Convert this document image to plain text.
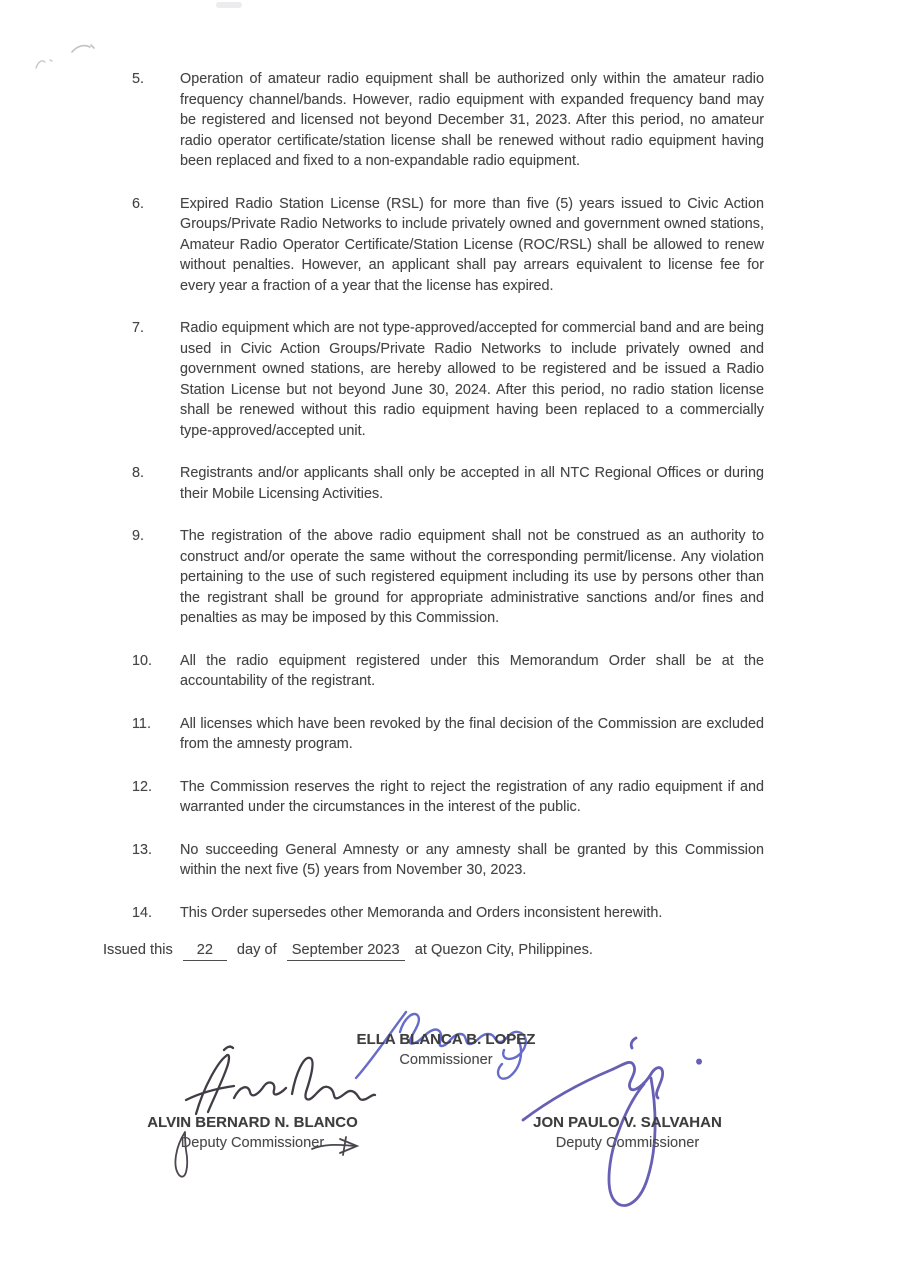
5.	Operation of amateur radio equipment shall be authorized only within the amateur radio frequency channel/bands. However, radio equipment with expanded frequency band may be registered and licensed not beyond December 31, 2023. After this period, no amateur radio operator certificate/station license shall be renewed without radio equipment having been replaced and fixed to a non-expandable radio equipment.
6.	Expired Radio Station License (RSL) for more than five (5) years issued to Civic Action Groups/Private Radio Networks to include privately owned and government owned stations, Amateur Radio Operator Certificate/Station License (ROC/RSL) shall be allowed to renew without penalties. However, an applicant shall pay arrears equivalent to license fee for every year a fraction of a year that the license has expired.
7.	Radio equipment which are not type-approved/accepted for commercial band and are being used in Civic Action Groups/Private Radio Networks to include privately owned and government owned stations, are hereby allowed to be registered and be issued a Radio Station License but not beyond June 30, 2024. After this period, no radio station license shall be renewed without this radio equipment having been replaced to a commercially type-approved/accepted unit.
8.	Registrants and/or applicants shall only be accepted in all NTC Regional Offices or during their Mobile Licensing Activities.
9.	The registration of the above radio equipment shall not be construed as an authority to construct and/or operate the same without the corresponding permit/license. Any violation pertaining to the use of such registered equipment including its use by persons other than the registrant shall be ground for appropriate administrative sanctions and/or fines and penalties as may be imposed by this Commission.
10.	All the radio equipment registered under this Memorandum Order shall be at the accountability of the registrant.
11.	All licenses which have been revoked by the final decision of the Commission are excluded from the amnesty program.
12.	The Commission reserves the right to reject the registration of any radio equipment if and warranted under the circumstances in the interest of the public.
13.	No succeeding General Amnesty or any amnesty shall be granted by this Commission within the next five (5) years from November 30, 2023.
14.	This Order supersedes other Memoranda and Orders inconsistent herewith.
Issued this 22 day of September 2023 at Quezon City, Philippines.
ELLA BLANCA B. LOPEZ
Commissioner
ALVIN BERNARD N. BLANCO
Deputy Commissioner
JON PAULO V. SALVAHAN
Deputy Commissioner
